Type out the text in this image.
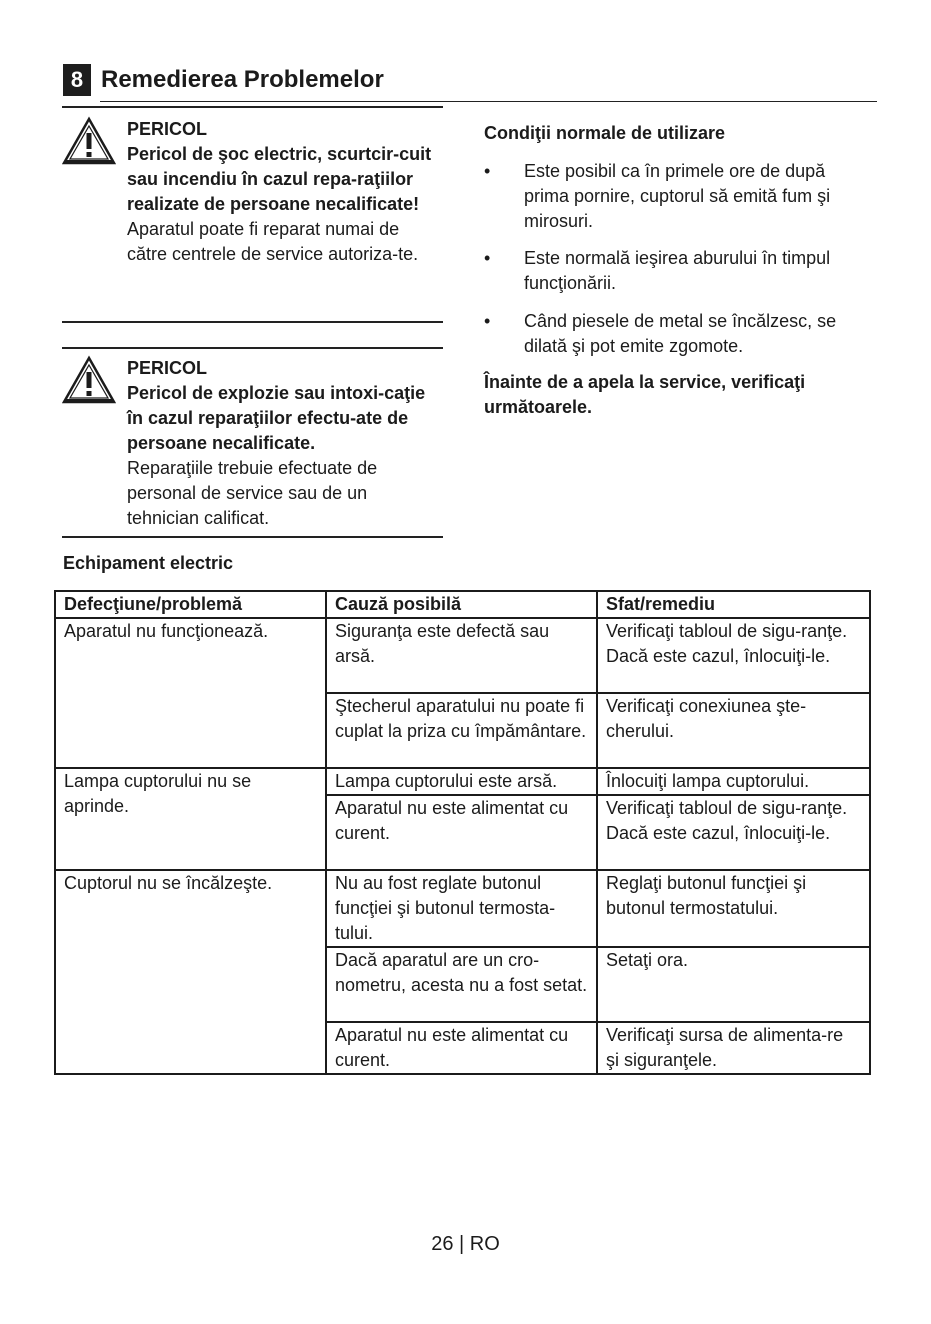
8 Remedierea Problemelor
PERICOL
Pericol de şoc electric, scurtcir-cuit sau incendiu în cazul repa-raţiilor realizate de persoane necalificate!
Aparatul poate fi reparat numai de către centrele de service autoriza-te.
PERICOL
Pericol de explozie sau intoxi-caţie în cazul reparaţiilor efectu-ate de persoane necalificate.
Reparaţiile trebuie efectuate de personal de service sau de un tehnician calificat.
Condiţii normale de utilizare
• Este posibil ca în primele ore de după prima pornire, cuptorul să emită fum şi mirosuri.
• Este normală ieşirea aburului în timpul funcţionării.
• Când piesele de metal se încălzesc, se dilată şi pot emite zgomote.
Înainte de a apela la service, verificaţi următoarele.
Echipament electric
Defecţiune/problemă	Cauză posibilă	Sfat/remediu
Aparatul nu funcţionează.	Siguranţa este defectă sau arsă.	Verificaţi tabloul de sigu-ranţe. Dacă este cazul, înlocuiţi-le.
	Ştecherul aparatului nu poate fi cuplat la priza cu împământare.	Verificaţi conexiunea şte-cherului.
Lampa cuptorului nu se aprinde.	Lampa cuptorului este arsă.	Înlocuiţi lampa cuptorului.
	Aparatul nu este alimentat cu curent.	Verificaţi tabloul de sigu-ranţe. Dacă este cazul, înlocuiţi-le.
Cuptorul nu se încălzeşte.	Nu au fost reglate butonul funcţiei şi butonul termosta-tului.	Reglaţi butonul funcţiei şi butonul termostatului.
	Dacă aparatul are un cro-nometru, acesta nu a fost setat.	Setaţi ora.
	Aparatul nu este alimentat cu curent.	Verificaţi sursa de alimenta-re şi siguranţele.
26 | RO
